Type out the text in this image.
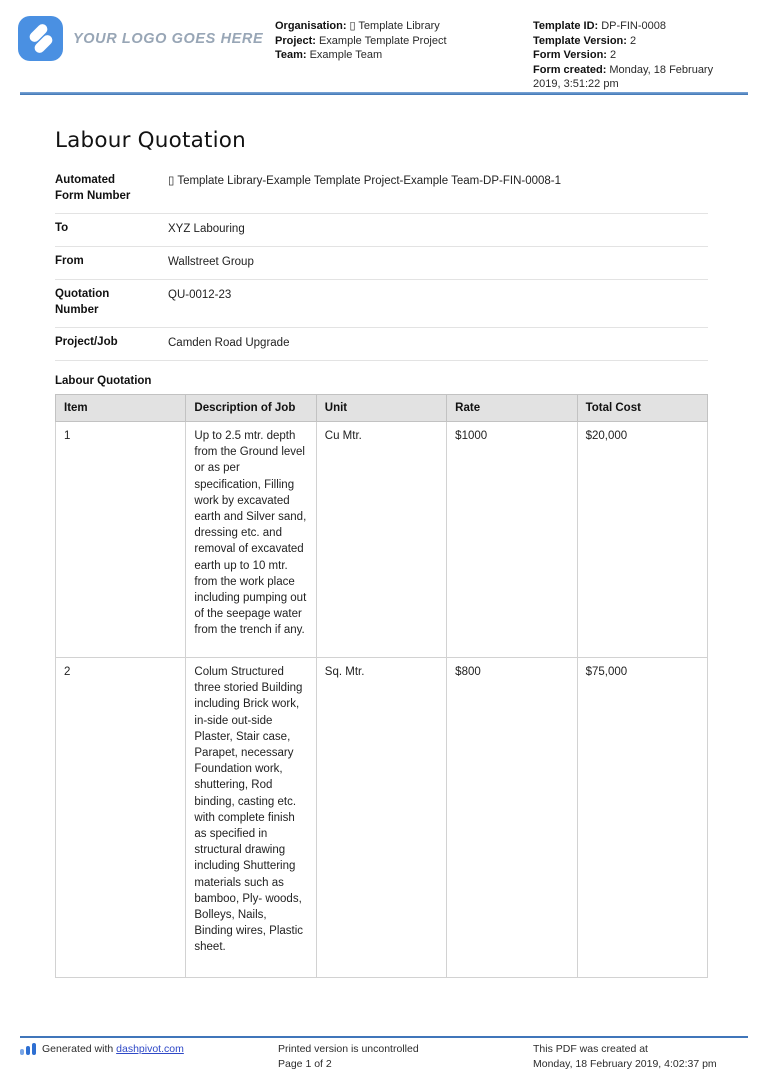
YOUR LOGO GOES HERE
Organisation: ▯ Template Library
Project: Example Template Project
Team: Example Team
Template ID: DP-FIN-0008
Template Version: 2
Form Version: 2
Form created: Monday, 18 February 2019, 3:51:22 pm
Labour Quotation
Automated Form Number
▯ Template Library-Example Template Project-Example Team-DP-FIN-0008-1
To	XYZ Labouring
From	Wallstreet Group
Quotation Number
QU-0012-23
Project/Job	Camden Road Upgrade
Labour Quotation
Item	Description of Job	Unit	Rate	Total Cost
1	Up to 2.5 mtr. depth from the Ground level or as per specification, Filling work by excavated earth and Silver sand, dressing etc. and removal of excavated earth up to 10 mtr. from the work place including pumping out of the seepage water from the trench if any.	Cu Mtr.	$1000	$20,000
2	Colum Structured three storied Building including Brick work, in-side out-side Plaster, Stair case, Parapet, necessary Foundation work, shuttering, Rod binding, casting etc. with complete finish as specified in structural drawing including Shuttering materials such as bamboo, Ply- woods, Bolleys, Nails, Binding wires, Plastic sheet.	Sq. Mtr.	$800	$75,000
Generated with
dashpivot.com	Printed version is uncontrolled
Page 1 of 2
This PDF was created at
Monday, 18 February 2019, 4:02:37 pm
